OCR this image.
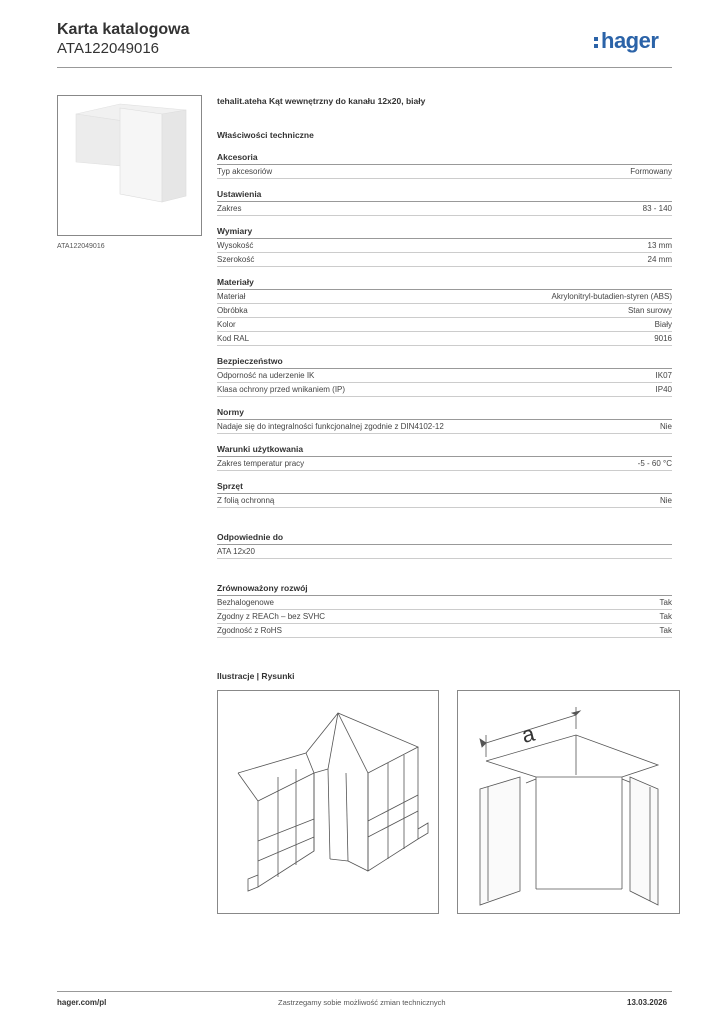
Karta katalogowa
ATA122049016	hager
ATA122049016
tehalit.ateha Kąt wewnętrzny do kanału 12x20, biały
Właściwości techniczne
Akcesoria
Typ akcesoriów	Formowany
Ustawienia
Zakres	83 - 140
Wymiary
Wysokość	13 mm
Szerokość	24 mm
Materiały
Materiał	Akrylonitryl-butadien-styren (ABS)
Obróbka	Stan surowy
Kolor	Biały
Kod RAL	9016
Bezpieczeństwo
Odporność na uderzenie IK	IK07
Klasa ochrony przed wnikaniem (IP)	IP40
Normy
Nadaje się do integralności funkcjonalnej zgodnie z DIN4102-12	Nie
Warunki użytkowania
Zakres temperatur pracy	-5 - 60 °C
Sprzęt
Z folią ochronną	Nie
Odpowiednie do
ATA 12x20
Zrównoważony rozwój
Bezhalogenowe	Tak
Zgodny z REACh – bez SVHC	Tak
Zgodność z RoHS	Tak
Ilustracje | Rysunki
a
hager.com/pl	Zastrzegamy sobie możliwość zmian technicznych	13.03.2026
